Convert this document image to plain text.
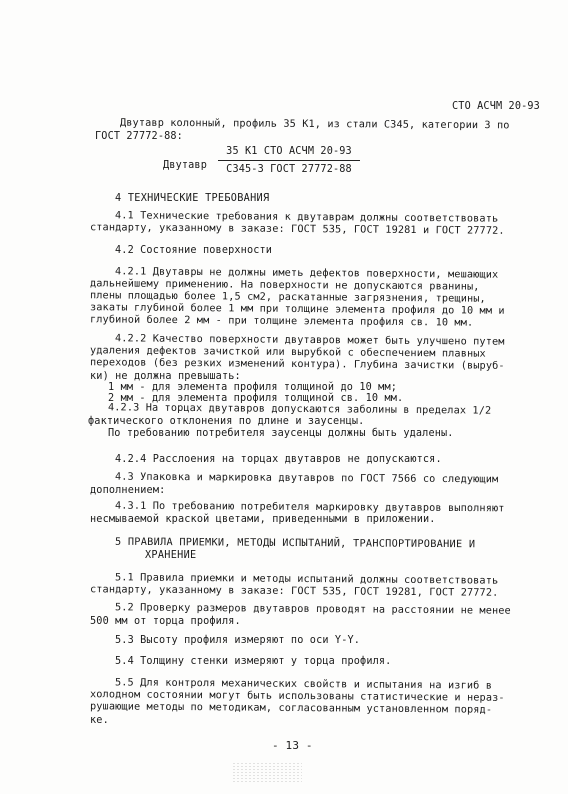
СТО АСЧМ 20-93
Двутавр колонный, профиль 35 К1, из стали С345, категории 3 по
ГОСТ 27772-88:
Двутавр
35 К1 СТО АСЧМ 20-93
С345-3 ГОСТ 27772-88
4 ТЕХНИЧЕСКИЕ ТРЕБОВАНИЯ
4.1 Технические требования к двутаврам должны соответствовать
стандарту, указанному в заказе: ГОСТ 535, ГОСТ 19281 и ГОСТ 27772.
4.2 Состояние поверхности
4.2.1 Двутавры не должны иметь дефектов поверхности, мешающих
дальнейшему применению. На поверхности не допускаются рвaнины,
плены площадью более 1,5 см2, раскатанные загрязнения, трещины,
закаты глубиной более 1 мм при толщине элемента профиля до 10 мм и
глубиной более 2 мм - при толщине элемента профиля св. 10 мм.
4.2.2 Качество поверхности двутавров может быть улучшено путем
удаления дефектов зачисткой или вырубкой с обеспечением плавных
переходов (без резких изменений контура). Глубина зачистки (выруб-
ки) не должна превышать:
1 мм - для элемента профиля толщиной до 10 мм;
2 мм - для элемента профиля толщиной св. 10 мм.
4.2.3 На торцах двутавров допускаются заболины в пределах 1/2
фактического отклонения по длине и заусенцы.
По требованию потребителя заусенцы должны быть удалены.
4.2.4 Расслоения на торцах двутавров не допускаются.
4.3 Упаковка и маркировка двутавров по ГОСТ 7566 со следующим
дополнением:
4.3.1 По требованию потребителя маркировку двутавров выполняют
несмываемой краской цветами, приведенными в приложении.
5 ПРАВИЛА ПРИЕМКИ, МЕТОДЫ ИСПЫТАНИЙ, ТРАНСПОРТИРОВАНИЕ И
ХРАНЕНИЕ
5.1 Правила приемки и методы испытаний должны соответствовать
стандарту, указанному в заказе: ГОСТ 535, ГОСТ 19281, ГОСТ 27772.
5.2 Проверку размеров двутавров проводят на расстоянии не менее
500 мм от торца профиля.
5.3 Высоту профиля измеряют по оси Y-Y.
5.4 Толщину стенки измеряют у торца профиля.
5.5 Для контроля механических свойств и испытания на изгиб в
холодном состоянии могут быть использованы статистические и нераз-
рушающие методы по методикам, согласованным установленном поряд-
ке.
- 13 -
